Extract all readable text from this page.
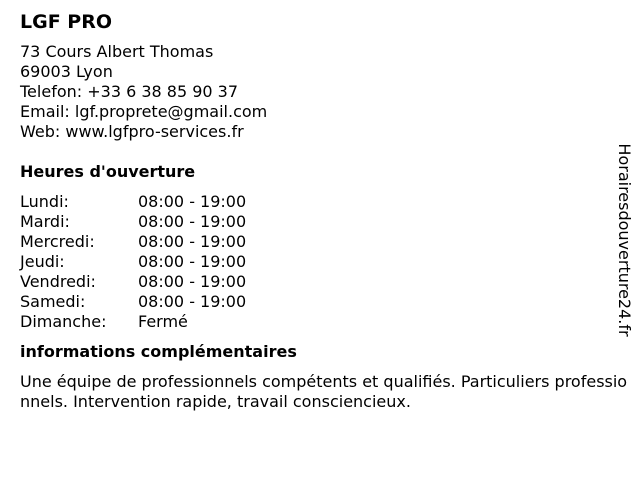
LGF PRO
73 Cours Albert Thomas
69003 Lyon
Telefon: +33 6 38 85 90 37
Email: lgf.proprete@gmail.com
Web: www.lgfpro-services.fr
Heures d'ouverture
Lundi:	08:00 - 19:00
Mardi:	08:00 - 19:00
Mercredi:	08:00 - 19:00
Jeudi:	08:00 - 19:00
Vendredi:	08:00 - 19:00
Samedi:	08:00 - 19:00
Dimanche:	Fermé
informations complémentaires
Une équipe de professionnels compétents et qualifiés. Particuliers professionnels. Intervention rapide, travail consciencieux.
Horairesdouverture24.fr
